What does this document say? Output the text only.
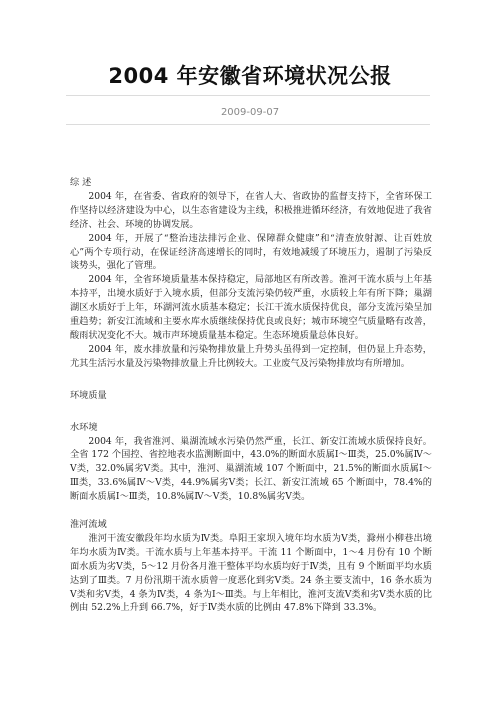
2004 年安徽省环境状况公报
2009-09-07

综 述

2004 年，在省委、省政府的领导下，在省人大、省政协的监督支持下，全省环保工作坚持以经济建设为中心，以生态省建设为主线，积极推进循环经济，有效地促进了我省经济、社会、环境的协调发展。

2004 年，开展了“整治违法排污企业、保障群众健康”和“清查放射源、让百姓放心”两个专项行动，在保证经济高速增长的同时，有效地减缓了环境压力，遏制了污染反谈势头，强化了管理。

2004 年，全省环境质量基本保持稳定，局部地区有所改善。淮河干流水质与上年基本持平，出境水质好于入境水质，但部分支流污染仍较严重，水质较上年有所下降；巢湖湖区水质好于上年，环湖河流水质基本稳定；长江干流水质保持优良，部分支流污染呈加重趋势；新安江流域和主要水库水质继续保持优良或良好；城市环境空气质量略有改善，酸雨状况变化不大。城市声环境质量基本稳定。生态环境质量总体良好。

2004 年，废水排放量和污染物排放量上升势头虽得到一定控制，但仍显上升态势，尤其生活污水量及污染物排放量上升比例较大。工业废气及污染物排放均有所增加。

环境质量

水环境

2004 年，我省淮河、巢湖流域水污染仍然严重，长江、新安江流域水质保持良好。全省 172 个国控、省控地表水监测断面中，43.0%的断面水质属Ⅰ～Ⅲ类，25.0%属Ⅳ～Ⅴ类，32.0%属劣Ⅴ类。其中，淮河、巢湖流域 107 个断面中，21.5%的断面水质属Ⅰ～Ⅲ类，33.6%属Ⅳ～Ⅴ类，44.9%属劣Ⅴ类；长江、新安江流域 65 个断面中，78.4%的断面水质属Ⅰ～Ⅲ类，10.8%属Ⅳ～Ⅴ类，10.8%属劣Ⅴ类。

淮河流域

淮河干流安徽段年均水质为Ⅳ类。阜阳王家坝入境年均水质为Ⅴ类，滁州小柳巷出境年均水质为Ⅳ类。干流水质与上年基本持平。干流 11 个断面中，1～4 月份有 10 个断面水质为劣Ⅴ类，5～12 月份各月淮干整体平均水质均好于Ⅳ类，且有 9 个断面平均水质达到了Ⅲ类。7 月份汛期干流水质曾一度恶化到劣Ⅴ类。24 条主要支流中，16 条水质为Ⅴ类和劣Ⅴ类，4 条为Ⅳ类，4 条为Ⅰ～Ⅲ类。与上年相比，淮河支流Ⅴ类和劣Ⅴ类水质的比例由 52.2%上升到 66.7%，好于Ⅳ类水质的比例由 47.8%下降到 33.3%。
